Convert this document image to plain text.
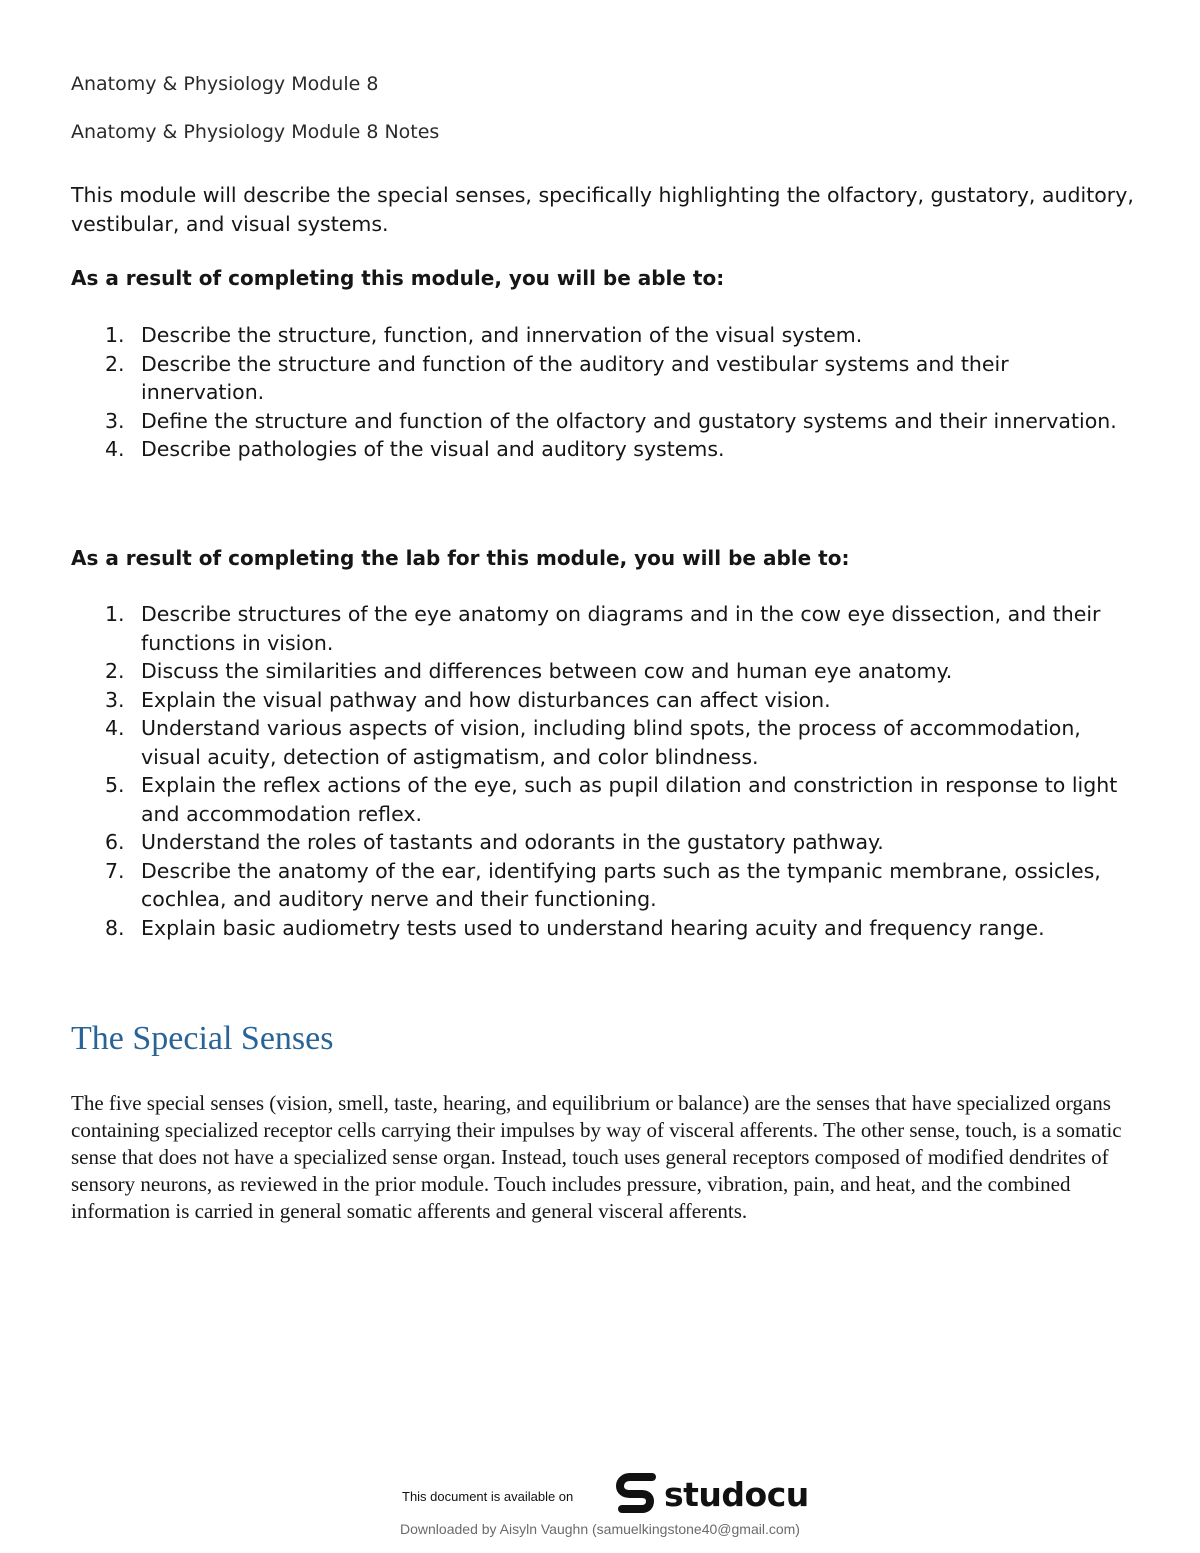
Anatomy & Physiology Module 8
Anatomy & Physiology Module 8 Notes
This module will describe the special senses, specifically highlighting the olfactory, gustatory, auditory, vestibular, and visual systems.
As a result of completing this module, you will be able to:
1. Describe the structure, function, and innervation of the visual system.
2. Describe the structure and function of the auditory and vestibular systems and their innervation.
3. Define the structure and function of the olfactory and gustatory systems and their innervation.
4. Describe pathologies of the visual and auditory systems.
As a result of completing the lab for this module, you will be able to:
1. Describe structures of the eye anatomy on diagrams and in the cow eye dissection, and their functions in vision.
2. Discuss the similarities and differences between cow and human eye anatomy.
3. Explain the visual pathway and how disturbances can affect vision.
4. Understand various aspects of vision, including blind spots, the process of accommodation, visual acuity, detection of astigmatism, and color blindness.
5. Explain the reflex actions of the eye, such as pupil dilation and constriction in response to light and accommodation reflex.
6. Understand the roles of tastants and odorants in the gustatory pathway.
7. Describe the anatomy of the ear, identifying parts such as the tympanic membrane, ossicles, cochlea, and auditory nerve and their functioning.
8. Explain basic audiometry tests used to understand hearing acuity and frequency range.
The Special Senses
The five special senses (vision, smell, taste, hearing, and equilibrium or balance) are the senses that have specialized organs containing specialized receptor cells carrying their impulses by way of visceral afferents. The other sense, touch, is a somatic sense that does not have a specialized sense organ. Instead, touch uses general receptors composed of modified dendrites of sensory neurons, as reviewed in the prior module. Touch includes pressure, vibration, pain, and heat, and the combined information is carried in general somatic afferents and general visceral afferents.
This document is available on	studocu
Downloaded by Aisyln Vaughn (samuelkingstone40@gmail.com)
